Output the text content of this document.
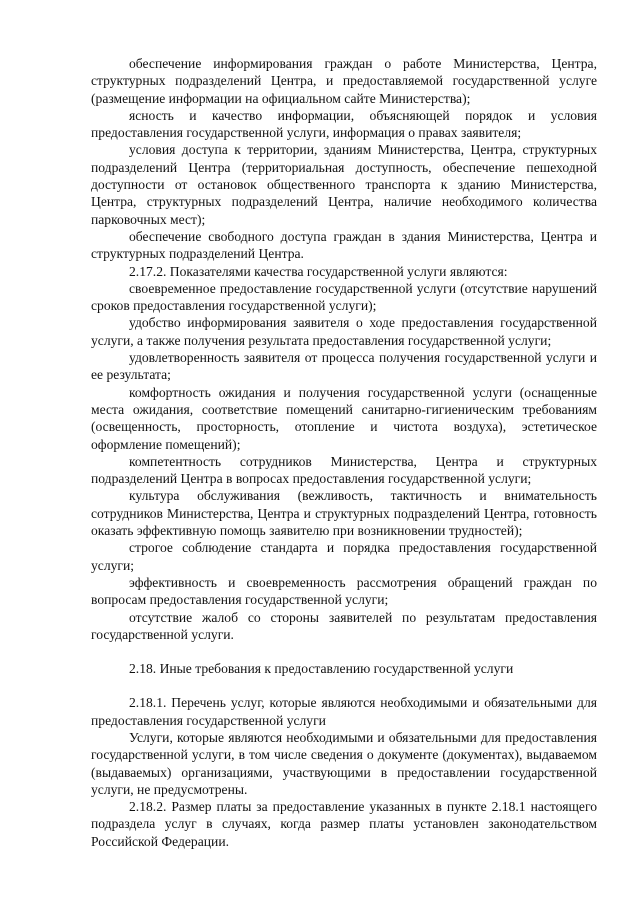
обеспечение информирования граждан о работе Министерства, Центра, структурных подразделений Центра, и предоставляемой государственной услуге (размещение информации на официальном сайте Министерства);

ясность и качество информации, объясняющей порядок и условия предоставления государственной услуги, информация о правах заявителя;

условия доступа к территории, зданиям Министерства, Центра, структурных подразделений Центра (территориальная доступность, обеспечение пешеходной доступности от остановок общественного транспорта к зданию Министерства, Центра, структурных подразделений Центра, наличие необходимого количества парковочных мест);

обеспечение свободного доступа граждан в здания Министерства, Центра и структурных подразделений Центра.

2.17.2. Показателями качества государственной услуги являются:

своевременное предоставление государственной услуги (отсутствие нарушений сроков предоставления государственной услуги);

удобство информирования заявителя о ходе предоставления государственной услуги, а также получения результата предоставления государственной услуги;

удовлетворенность заявителя от процесса получения государственной услуги и ее результата;

комфортность ожидания и получения государственной услуги (оснащенные места ожидания, соответствие помещений санитарно-гигиеническим требованиям (освещенность, просторность, отопление и чистота воздуха), эстетическое оформление помещений);

компетентность сотрудников Министерства, Центра и структурных подразделений Центра в вопросах предоставления государственной услуги;

культура обслуживания (вежливость, тактичность и внимательность сотрудников Министерства, Центра и структурных подразделений Центра, готовность оказать эффективную помощь заявителю при возникновении трудностей);

строгое соблюдение стандарта и порядка предоставления государственной услуги;

эффективность и своевременность рассмотрения обращений граждан по вопросам предоставления государственной услуги;

отсутствие жалоб со стороны заявителей по результатам предоставления государственной услуги.

2.18. Иные требования к предоставлению государственной услуги

2.18.1. Перечень услуг, которые являются необходимыми и обязательными для предоставления государственной услуги

Услуги, которые являются необходимыми и обязательными для предоставления государственной услуги, в том числе сведения о документе (документах), выдаваемом (выдаваемых) организациями, участвующими в предоставлении государственной услуги, не предусмотрены.

2.18.2. Размер платы за предоставление указанных в пункте 2.18.1 настоящего подраздела услуг в случаях, когда размер платы установлен законодательством Российской Федерации.
